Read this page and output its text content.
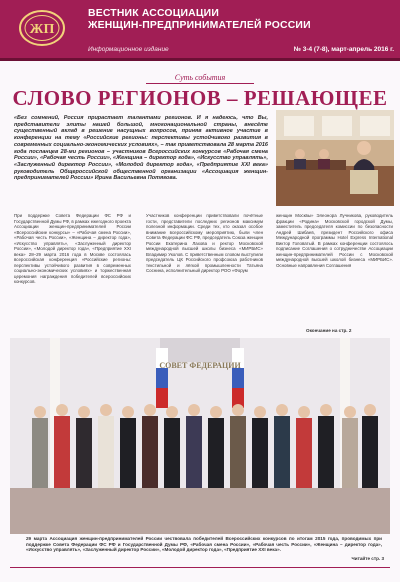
ЖП
ВЕСТНИК АССОЦИАЦИИ
ЖЕНЩИН-ПРЕДПРИНИМАТЕЛЕЙ РОССИИ
Информационное издание	№ 3-4 (7-8), март-апрель 2016 г.
Суть события
СЛОВО РЕГИОНОВ – РЕШАЮЩЕЕ
«Без сомнений, Россия прирастает талантами регионов. И я надеюсь, что Вы, представители элиты нашей большой, многонациональной страны, внесёте существенный вклад в решение насущных вопросов, приняв активное участие в конференции на тему «Российские регионы: перспективы устойчивого развития в современных социально-экономических условиях», – так приветствовала 28 марта 2016 года посланцев 28-ми регионов – участников Всероссийских конкурсов «Рабочая смена России», «Рабочая честь России», «Женщина – директор года», «Искусство управлять», «Заслуженный директор России», «Молодой директор года», «Предприятие XXI века» руководитель Общероссийской общественной организации «Ассоциация женщин-предпринимателей России» Ирина Васильевна Потягова.
При поддержке Совета Федерации ФС РФ и Государственной Думы РФ, в рамках ежегодного проекта Ассоциации женщин-предпринимателей России «Всероссийские конкурсы» – «Рабочая смена России», «Рабочая честь России», «Женщина – директор года», «Искусство управлять», «Заслуженный директор России», «Молодой директор года», «Предприятие XXI века» 28–29 марта 2016 года в Москве состоялась всероссийская конференция «Российские регионы: перспективы устойчивого развития в современных социально-экономических условиях» и торжественная церемония награждения победителей всероссийских конкурсов.
Участников конференции приветствовали почётные гости, представители последних регионов максимум полезной информации. Среди тех, кто оказал особое внимание всероссийскому мероприятию, были член Совета Федерации ФС РФ, председатель Союза женщин России Екатерина Лахова и ректор Московской международной высшей школы бизнеса «МИРБИС» Владимир Уколов. С приветственным словом выступили председатель ЦК Российского профсоюза работников текстильной и лёгкой промышленности Татьяна Соснина, исполнительный директор РОО «Форум
женщин Москвы» Элеонора Лучникова, руководитель фракции «Родина» Московской городской Думы, заместитель председателя комиссии по безопасности Андрей Шибаев, президент Российского офиса Международной программы Hotel Express International Виктор Головатый. В рамках конференции состоялось подписание Соглашения о сотрудничестве Ассоциации женщин-предпринимателей России с Московской международной высшей школой бизнеса «МИРБИС». Основные направления Соглашения
Окончание на стр. 2
СОВЕТ ФЕДЕРАЦИИ
29 марта Ассоциация женщин-предпринимателей России чествовала победителей Всероссийских конкурсов по итогам 2015 года, проводимых при поддержке Совета Федерации ФС РФ и Государственной Думы РФ, «Рабочая смена России», «Рабочая честь России», «Женщина – директор года», «Искусство управлять», «Заслуженный директор России», «Молодой директор года», «Предприятие XXI века».
Читайте стр. 3
